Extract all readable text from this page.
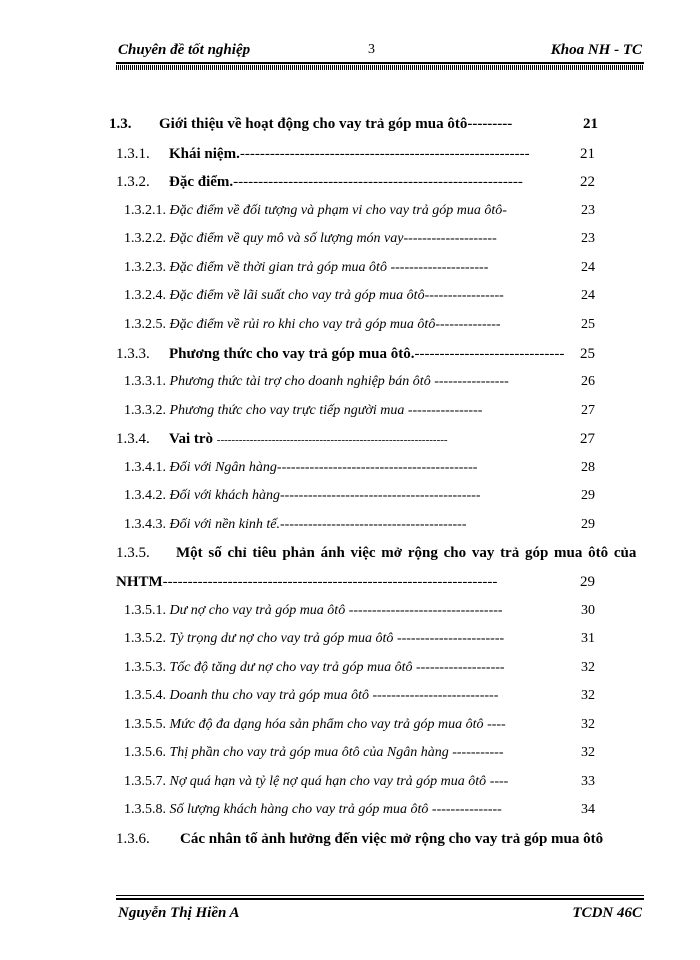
Chuyên đề tốt nghiệp	3	Khoa NH - TC
1.3. Giới thiệu về hoạt động cho vay trả góp mua ôtô---------	21
1.3.1. Khái niệm.----------------------------------------------------------	21
1.3.2. Đặc điểm.----------------------------------------------------------	22
1.3.2.1. Đặc điểm về đối tượng và phạm vi cho vay trả góp mua ôtô-	23
1.3.2.2. Đặc điểm về quy mô và số lượng món vay--------------------	23
1.3.2.3. Đặc điểm về thời gian trả góp mua ôtô ---------------------	24
1.3.2.4. Đặc điểm về lãi suất cho vay trả góp mua ôtô-----------------	24
1.3.2.5. Đặc điểm về rủi ro khi cho vay trả góp mua ôtô--------------	25
1.3.3. Phương thức cho vay trả góp mua ôtô.------------------------------ 25
1.3.3.1. Phương thức tài trợ cho doanh nghiệp bán ôtô ----------------	26
1.3.3.2. Phương thức cho vay trực tiếp người mua ----------------	27
1.3.4. Vai trò ---------------------------------------------------------------	27
1.3.4.1. Đối với Ngân hàng-------------------------------------------	28
1.3.4.2. Đối với khách hàng-------------------------------------------	29
1.3.4.3. Đối với nền kinh tế.----------------------------------------	29
1.3.5. Một số chỉ tiêu phản ánh việc mở rộng cho vay trả góp mua ôtô của
NHTM-------------------------------------------------------------------	29
1.3.5.1. Dư nợ cho vay trả góp mua ôtô ---------------------------------	30
1.3.5.2. Tỷ trọng dư nợ cho vay trả góp mua ôtô -----------------------	31
1.3.5.3. Tốc độ tăng dư nợ cho vay trả góp mua ôtô -------------------	32
1.3.5.4. Doanh thu cho vay trả góp mua ôtô ---------------------------	32
1.3.5.5. Mức độ đa dạng hóa sản phẩm cho vay trả góp mua ôtô ----	32
1.3.5.6. Thị phần cho vay trả góp mua ôtô của Ngân hàng -----------	32
1.3.5.7. Nợ quá hạn và tỷ lệ nợ quá hạn cho vay trả góp mua ôtô ----	33
1.3.5.8. Số lượng khách hàng cho vay trả góp mua ôtô ---------------	34
1.3.6. Các nhân tố ảnh hưởng đến việc mở rộng cho vay trả góp mua ôtô
Nguyễn Thị Hiền A	TCDN 46C
